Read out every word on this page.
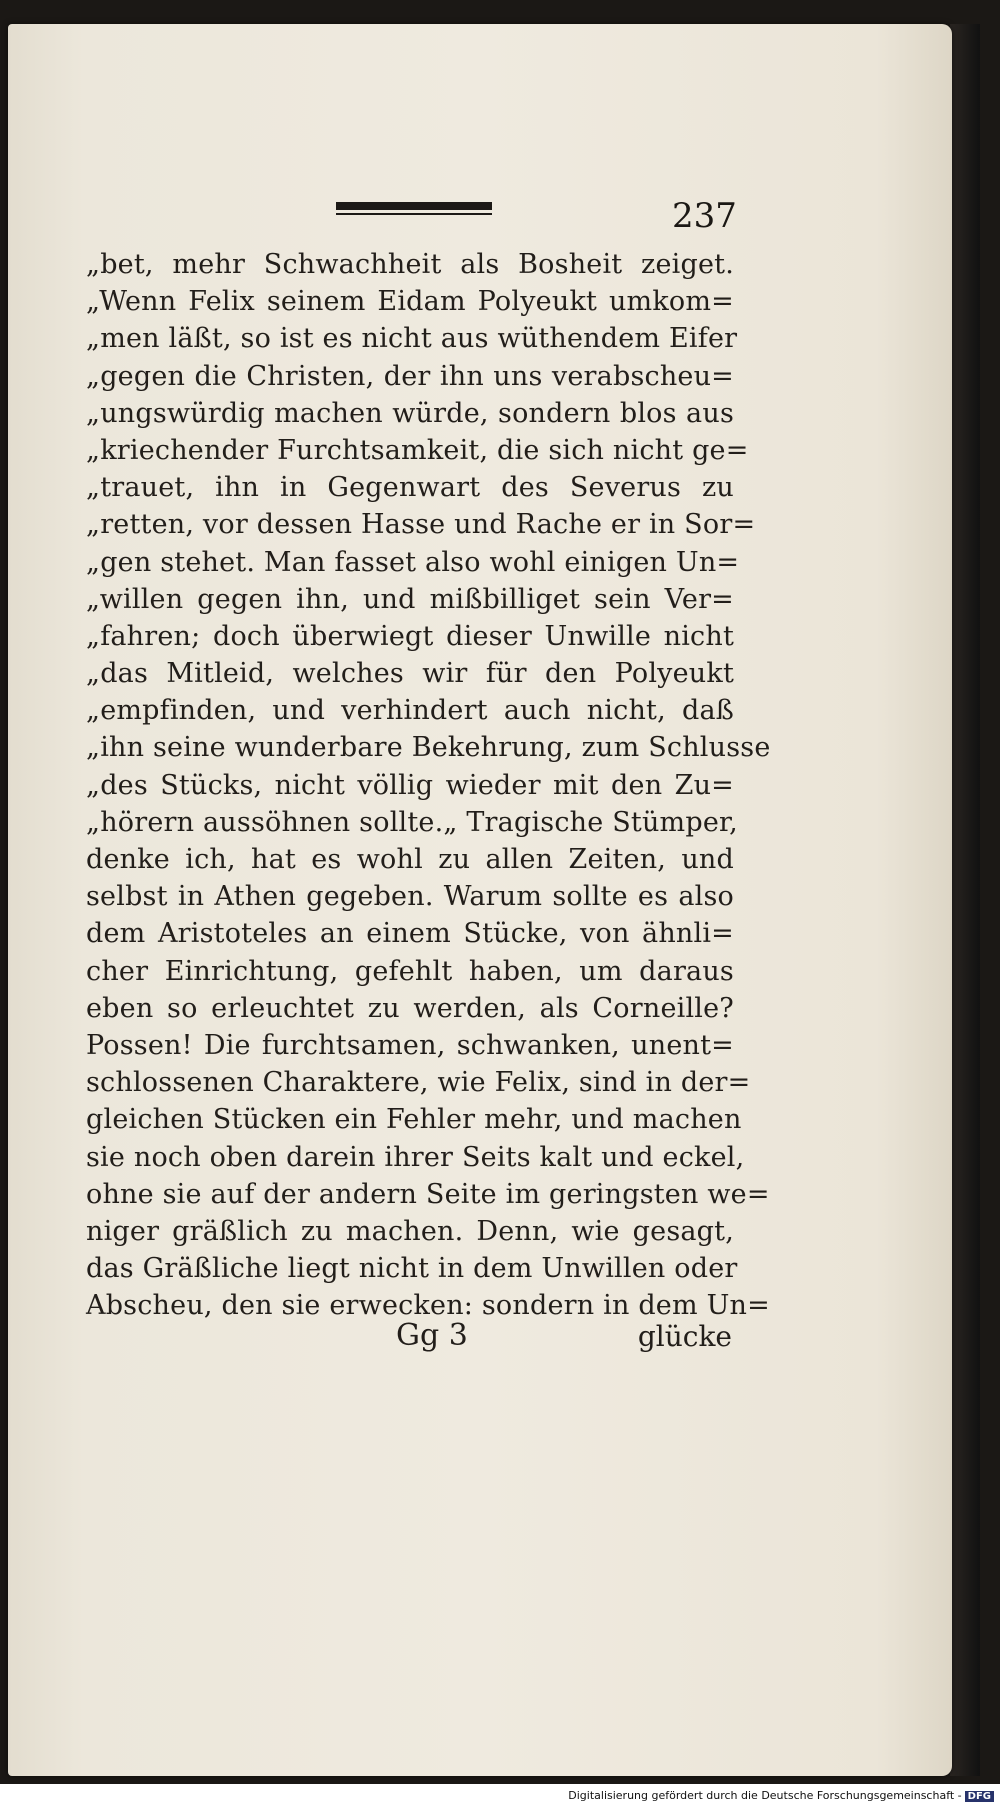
237
„bet, mehr Schwachheit als Bosheit zeiget.
„Wenn Felix seinem Eidam Polyeukt umkom=
„men läßt, so ist es nicht aus wüthendem Eifer
„gegen die Christen, der ihn uns verabscheu=
„ungswürdig machen würde, sondern blos aus
„kriechender Furchtsamkeit, die sich nicht ge=
„trauet, ihn in Gegenwart des Severus zu
„retten, vor dessen Hasse und Rache er in Sor=
„gen stehet. Man fasset also wohl einigen Un=
„willen gegen ihn, und mißbilliget sein Ver=
„fahren; doch überwiegt dieser Unwille nicht
„das Mitleid, welches wir für den Polyeukt
„empfinden, und verhindert auch nicht, daß
„ihn seine wunderbare Bekehrung, zum Schlusse
„des Stücks, nicht völlig wieder mit den Zu=
„hörern aussöhnen sollte.„ Tragische Stümper,
denke ich, hat es wohl zu allen Zeiten, und
selbst in Athen gegeben. Warum sollte es also
dem Aristoteles an einem Stücke, von ähnli=
cher Einrichtung, gefehlt haben, um daraus
eben so erleuchtet zu werden, als Corneille?
Possen! Die furchtsamen, schwanken, unent=
schlossenen Charaktere, wie Felix, sind in der=
gleichen Stücken ein Fehler mehr, und machen
sie noch oben darein ihrer Seits kalt und eckel,
ohne sie auf der andern Seite im geringsten we=
niger gräßlich zu machen. Denn, wie gesagt,
das Gräßliche liegt nicht in dem Unwillen oder
Abscheu, den sie erwecken: sondern in dem Un=
Gg 3	glücke
Digitalisierung gefördert durch die Deutsche Forschungsgemeinschaft - DFG
